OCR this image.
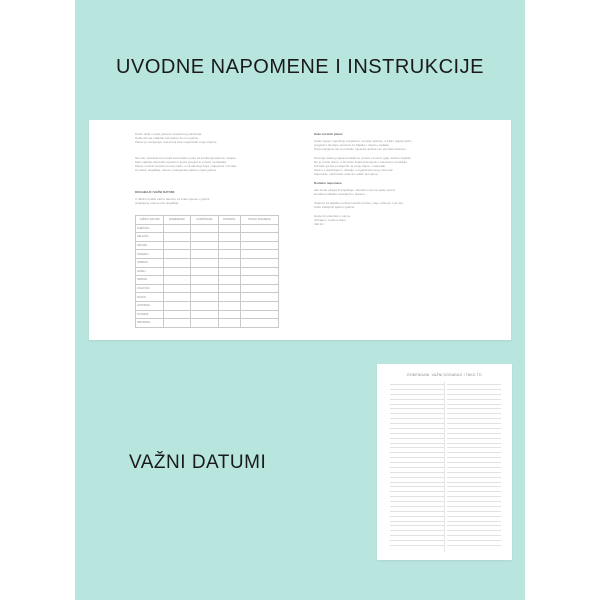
UVODNE NAPOMENE I INSTRUKCIJE
Dobro došli u svijet planera i kreativnog planiranja.
Hvala što ste odabrali naš planer za ovu godinu.
Planer je namijenjen svima koji žele organizirati svoje vrijeme.
Na ovim stranicama pronaći ćete kratke upute za korištenje planera, savjete
kako najbolje iskoristiti mjesečni i tjedni pregled te prostor za bilješke.
Planer možete koristiti na svoj način, uz dodavanje boja, naljepnica i oznaka
za važne događaje, rokove i podsjetnike tijekom cijele godine.
DOGAĐAJI I VAŽNI DATUMI
U tablicu upišite važne datume za svaki mjesec u godini,
podijeljene prema vrsti događaja.
VAŽNIJI DATUMI	ROĐENDANI	GODIŠNJICE	PRAZNICI	OSTALI DOGAĐAJI
SIJEČANJ				
VELJAČA				
OŽUJAK				
TRAVANJ				
SVIBANJ				
LIPANJ				
SRPANJ				
KOLOVOZ				
RUJAN				
LISTOPAD				
STUDENI				
PROSINAC				
Kako koristiti planer
Svaki mjesec započinje pregledom na dvije stranice, a zatim slijede tjedni
pregledi s dovoljno prostora za bilješke i dnevne zadatke.
Preporučujemo da na početku mjeseca upišete sve poznate obaveze.
Na kraju svakog mjeseca nalazi se prostor za osvrt, gdje možete zapisati
što je prošlo dobro, a što biste željeli promijeniti u narednom razdoblju.
Koristite ga kao podsjetnik na svoje ciljeve i napredak.
Sretno s planiranjem i uživajte u organizaciji svog vremena!
Zapamtite: mali koraci vode do velikih promjena.
Dodatne napomene
Ako imate pitanja ili prijedloge, slobodno nam se javite putem
kontakt podataka navedenih u planeru.
Stranice za bilješke možete koristiti za liste, ideje, planove i sve što
želite zabilježiti tijekom godine.
Hvala što planirate s nama.
Uživajte u svakom danu.
Vaš tim
VAŽNI DATUMI
ROĐENDANI, VAŽNI DOGAĐAJI I TAKO TO
